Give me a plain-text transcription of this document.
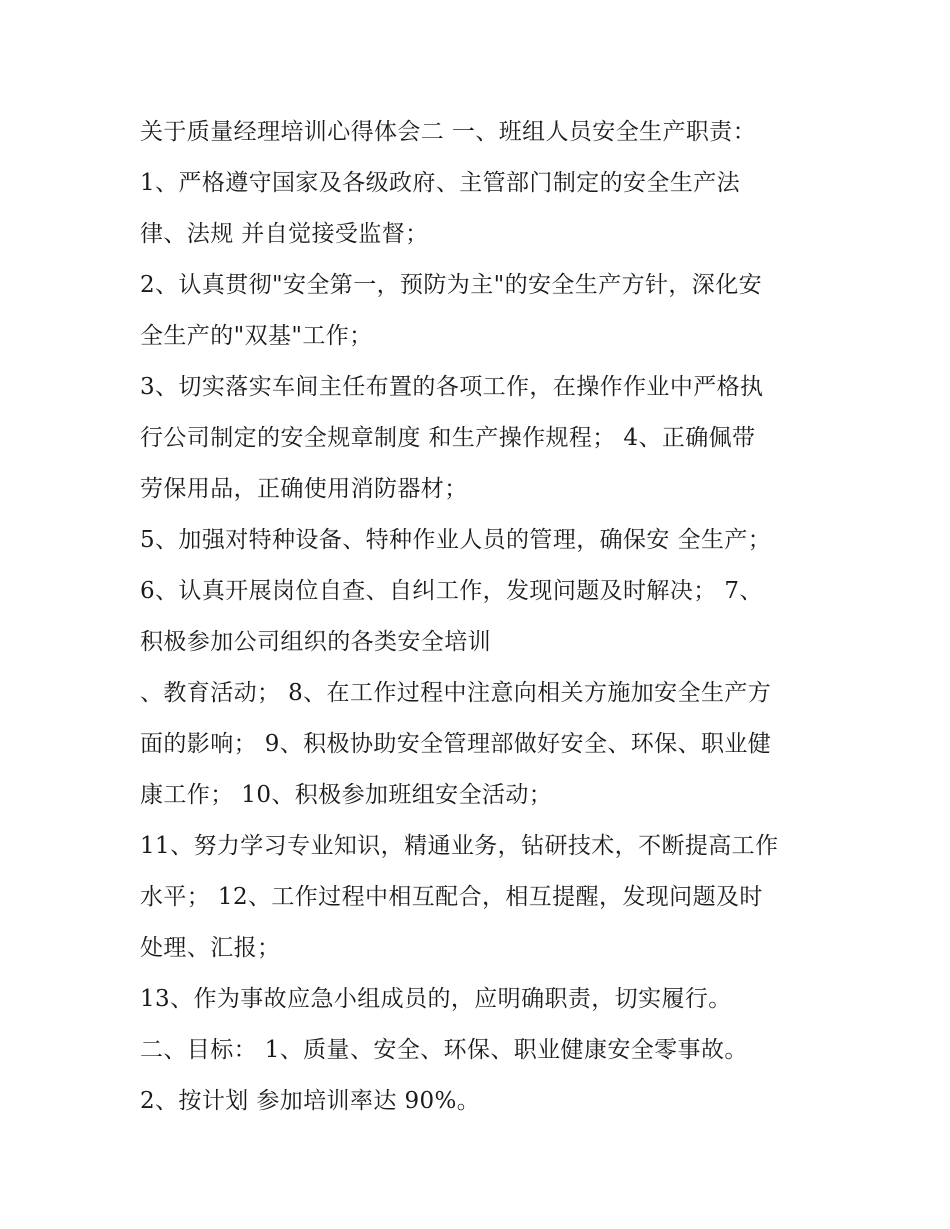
关于质量经理培训心得体会二 一、班组人员安全生产职责：
1、严格遵守国家及各级政府、主管部门制定的安全生产法
律、法规 并自觉接受监督；
2、认真贯彻"安全第一，预防为主"的安全生产方针，深化安
全生产的"双基"工作；
3、切实落实车间主任布置的各项工作，在操作作业中严格执
行公司制定的安全规章制度 和生产操作规程； 4、正确佩带
劳保用品，正确使用消防器材；
5、加强对特种设备、特种作业人员的管理，确保安 全生产；
6、认真开展岗位自查、自纠工作，发现问题及时解决； 7、
积极参加公司组织的各类安全培训
、教育活动； 8、在工作过程中注意向相关方施加安全生产方
面的影响； 9、积极协助安全管理部做好安全、环保、职业健
康工作； 10、积极参加班组安全活动；
11、努力学习专业知识，精通业务，钻研技术，不断提高工作
水平； 12、工作过程中相互配合，相互提醒，发现问题及时
处理、汇报；
13、作为事故应急小组成员的，应明确职责，切实履行。
二、目标： 1、质量、安全、环保、职业健康安全零事故。
2、按计划 参加培训率达 90%。
